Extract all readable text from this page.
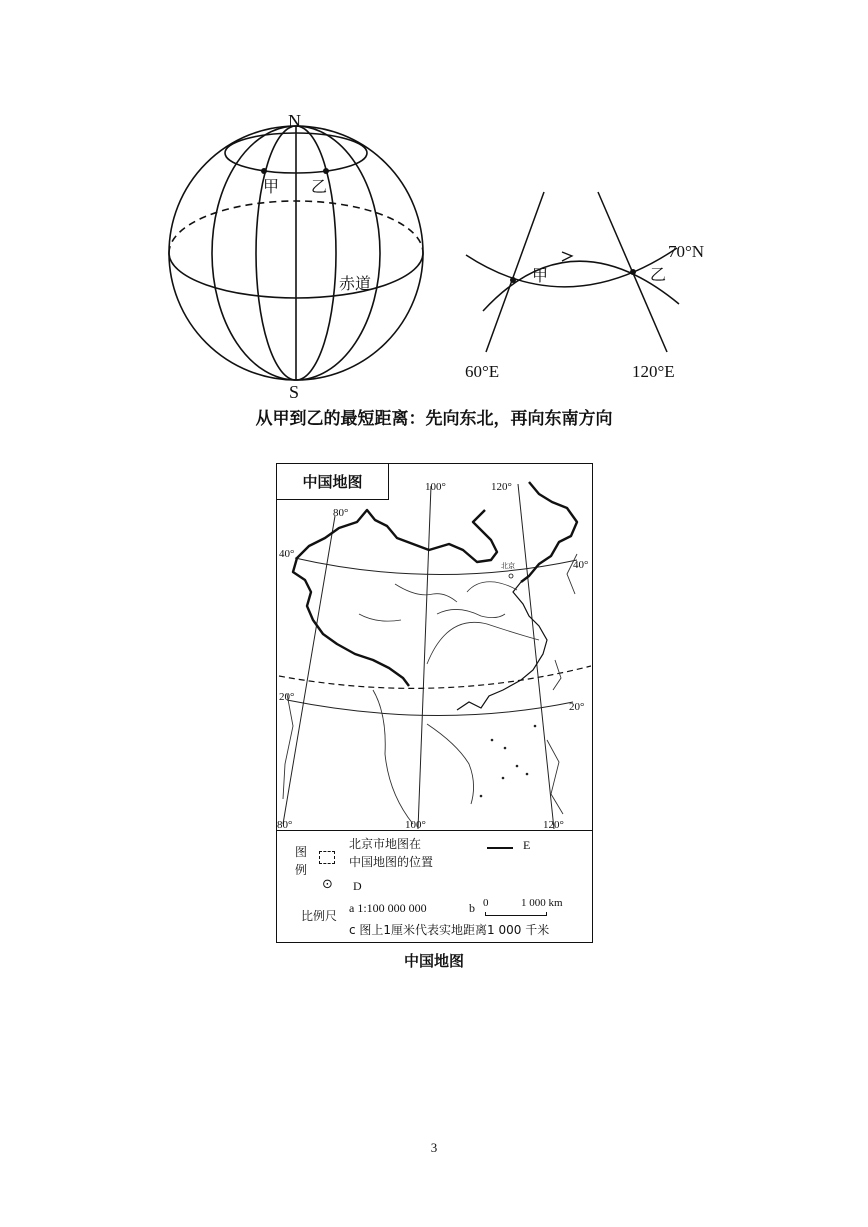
N
S
甲 乙
赤道	甲	乙
70°N
60°E	120°E
从甲到乙的最短距离：先向东北，再向东南方向
北京
100°	120°
80°
40°
40°
20°
20°
80°	100°	120°
中国地图
图
例
北京市地图在
中国地图的位置
E
⊙ D
比例尺
a 1:100 000 000	b 0	1 000 km
c 图上1厘米代表实地距离1 000 千米
中国地图
3
